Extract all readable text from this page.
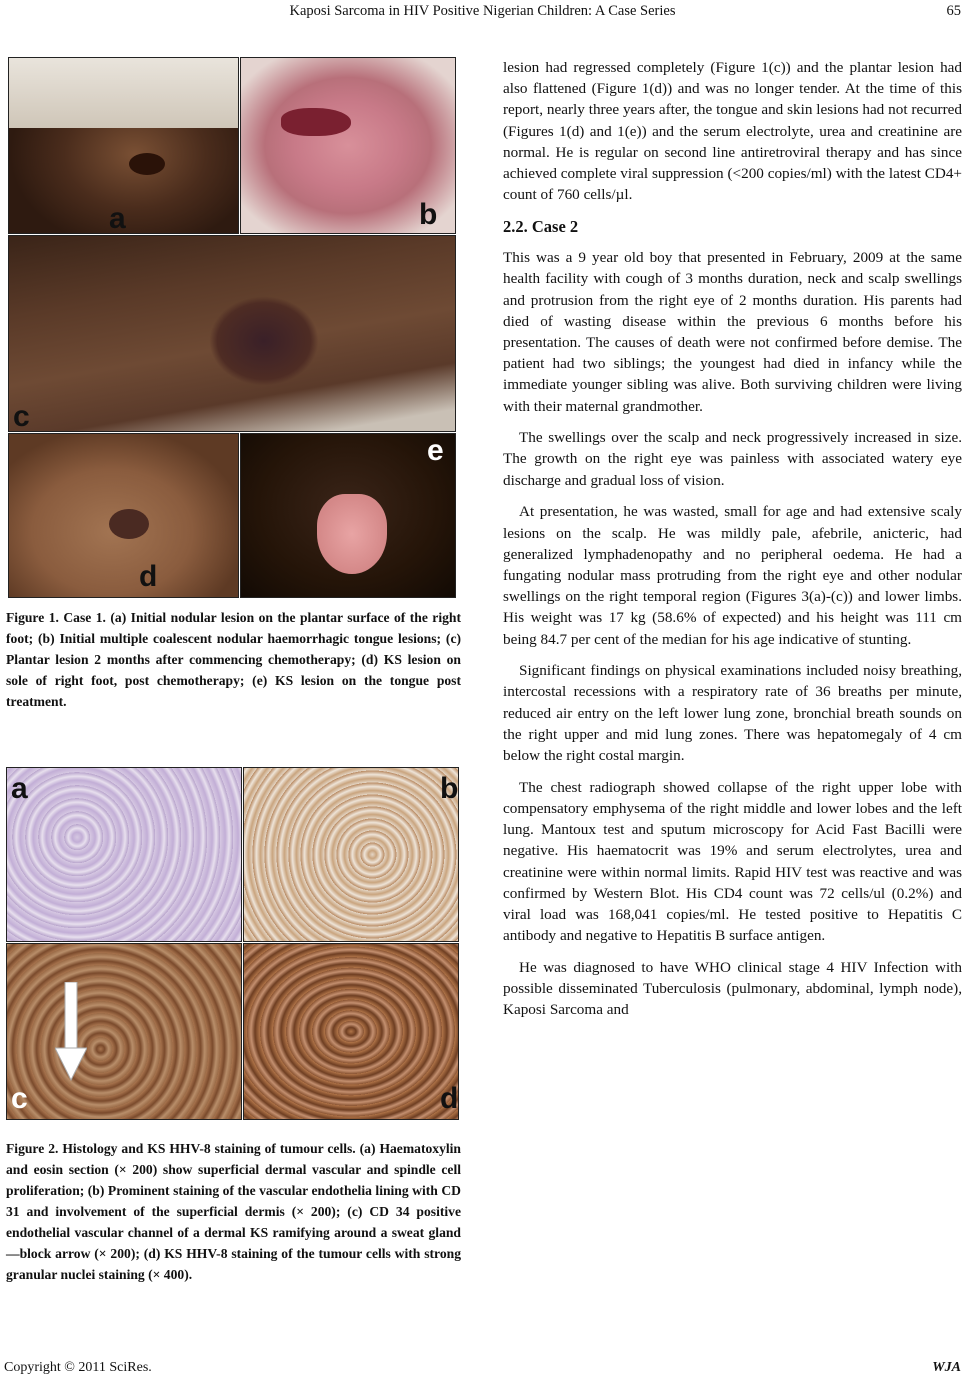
Kaposi Sarcoma in HIV Positive Nigerian Children: A Case Series	65
a	b
c
d
e
Figure 1. Case 1. (a) Initial nodular lesion on the plantar surface of the right foot; (b) Initial multiple coalescent nodular haemorrhagic tongue lesions; (c) Plantar lesion 2 months after commencing chemotherapy; (d) KS lesion on sole of right foot, post chemotherapy; (e) KS lesion on the tongue post treatment.
a	b
c	d
Figure 2. Histology and KS HHV-8 staining of tumour cells. (a) Haematoxylin and eosin section (× 200) show superficial dermal vascular and spindle cell proliferation; (b) Prominent staining of the vascular endothelia lining with CD 31 and involvement of the superficial dermis (× 200); (c) CD 34 positive endothelial vascular channel of a dermal KS ramifying around a sweat gland—block arrow (× 200); (d) KS HHV-8 staining of the tumour cells with strong granular nuclei staining (× 400).

lesion had regressed completely (Figure 1(c)) and the plantar lesion had also flattened (Figure 1(d)) and was no longer tender. At the time of this report, nearly three years after, the tongue and skin lesions had not recurred (Figures 1(d) and 1(e)) and the serum electrolyte, urea and creatinine are normal. He is regular on second line antiretroviral therapy and has since achieved complete viral suppression (<200 copies/ml) with the latest CD4+ count of 760 cells/µl.

2.2. Case 2

This was a 9 year old boy that presented in February, 2009 at the same health facility with cough of 3 months duration, neck and scalp swellings and protrusion from the right eye of 2 months duration. His parents had died of wasting disease within the previous 6 months before his presentation. The causes of death were not confirmed before demise. The patient had two siblings; the youngest had died in infancy while the immediate younger sibling was alive. Both surviving children were living with their maternal grandmother.

The swellings over the scalp and neck progressively increased in size. The growth on the right eye was painless with associated watery eye discharge and gradual loss of vision.

At presentation, he was wasted, small for age and had extensive scaly lesions on the scalp. He was mildly pale, afebrile, anicteric, had generalized lymphadenopathy and no peripheral oedema. He had a fungating nodular mass protruding from the right eye and other nodular swellings on the right temporal region (Figures 3(a)-(c)) and lower limbs. His weight was 17 kg (58.6% of expected) and his height was 111 cm being 84.7 per cent of the median for his age indicative of stunting.

Significant findings on physical examinations included noisy breathing, intercostal recessions with a respiratory rate of 36 breaths per minute, reduced air entry on the left lower lung zone, bronchial breath sounds on the right upper and mid lung zones. There was hepatomegaly of 4 cm below the right costal margin.

The chest radiograph showed collapse of the right upper lobe with compensatory emphysema of the right middle and lower lobes and the left lung. Mantoux test and sputum microscopy for Acid Fast Bacilli were negative. His haematocrit was 19% and serum electrolytes, urea and creatinine were within normal limits. Rapid HIV test was reactive and was confirmed by Western Blot. His CD4 count was 72 cells/ul (0.2%) and viral load was 168,041 copies/ml. He tested positive to Hepatitis C antibody and negative to Hepatitis B surface antigen.

He was diagnosed to have WHO clinical stage 4 HIV Infection with possible disseminated Tuberculosis (pulmonary, abdominal, lymph node), Kaposi Sarcoma and

Copyright © 2011 SciRes.	WJA
